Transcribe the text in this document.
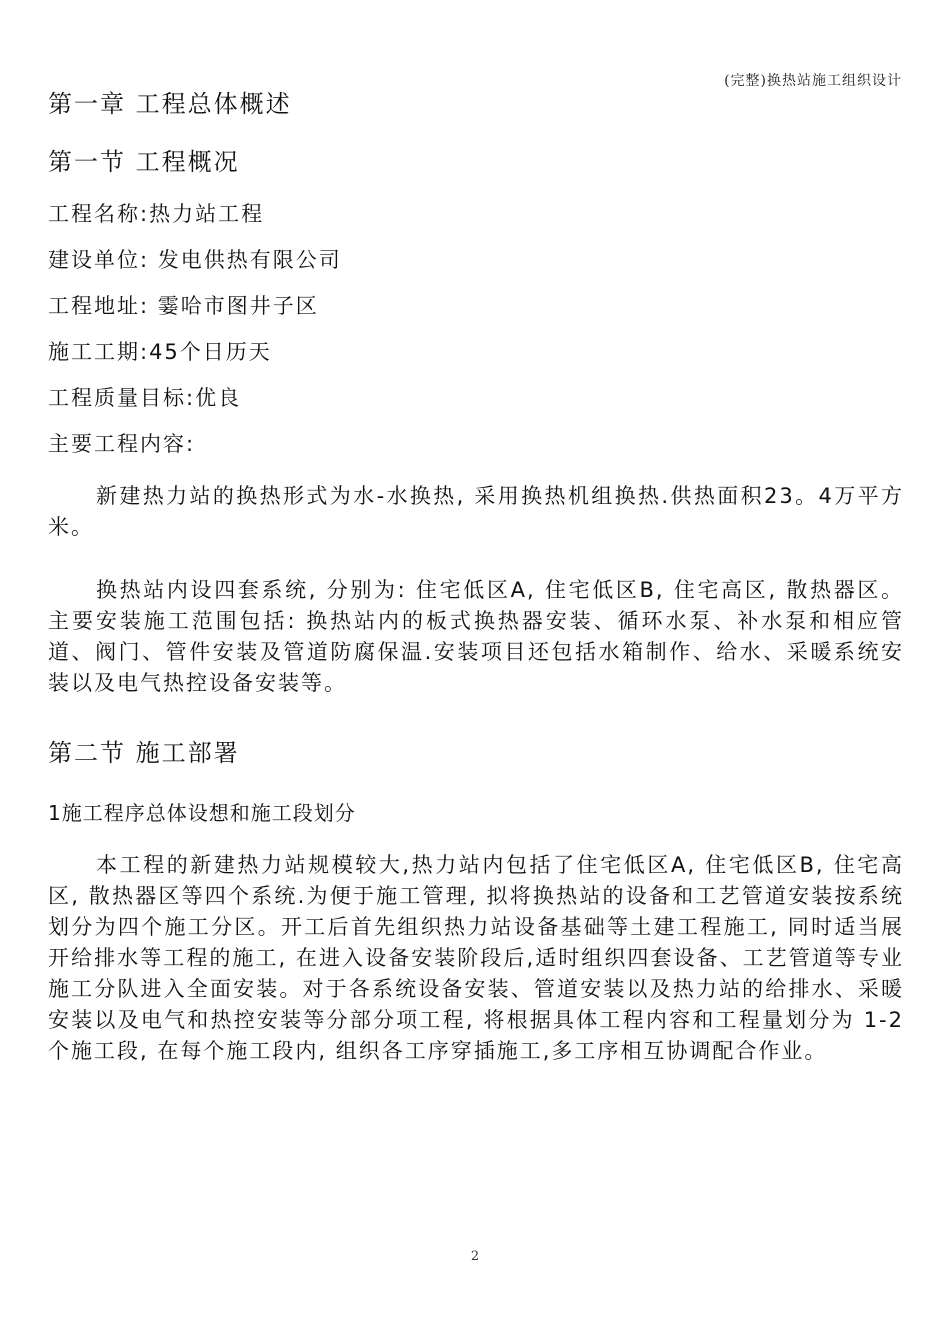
(完整)换热站施工组织设计
第一章 工程总体概述
第一节 工程概况
工程名称:热力站工程
建设单位: 发电供热有限公司
工程地址: 霎哈市图井子区
施工工期:45个日历天
工程质量目标:优良
主要工程内容:
新建热力站的换热形式为水-水换热, 采用换热机组换热.供热面积23。4万平方米。
换热站内设四套系统, 分别为: 住宅低区A, 住宅低区B, 住宅高区, 散热器区。主要安装施工范围包括: 换热站内的板式换热器安装、循环水泵、补水泵和相应管道、阀门、管件安装及管道防腐保温.安装项目还包括水箱制作、给水、采暖系统安装以及电气热控设备安装等。
第二节 施工部署
1施工程序总体设想和施工段划分
本工程的新建热力站规模较大,热力站内包括了住宅低区A, 住宅低区B, 住宅高区, 散热器区等四个系统.为便于施工管理, 拟将换热站的设备和工艺管道安装按系统划分为四个施工分区。开工后首先组织热力站设备基础等土建工程施工, 同时适当展开给排水等工程的施工, 在进入设备安装阶段后,适时组织四套设备、工艺管道等专业施工分队进入全面安装。对于各系统设备安装、管道安装以及热力站的给排水、采暖安装以及电气和热控安装等分部分项工程, 将根据具体工程内容和工程量划分为 1-2 个施工段, 在每个施工段内, 组织各工序穿插施工,多工序相互协调配合作业。
2
